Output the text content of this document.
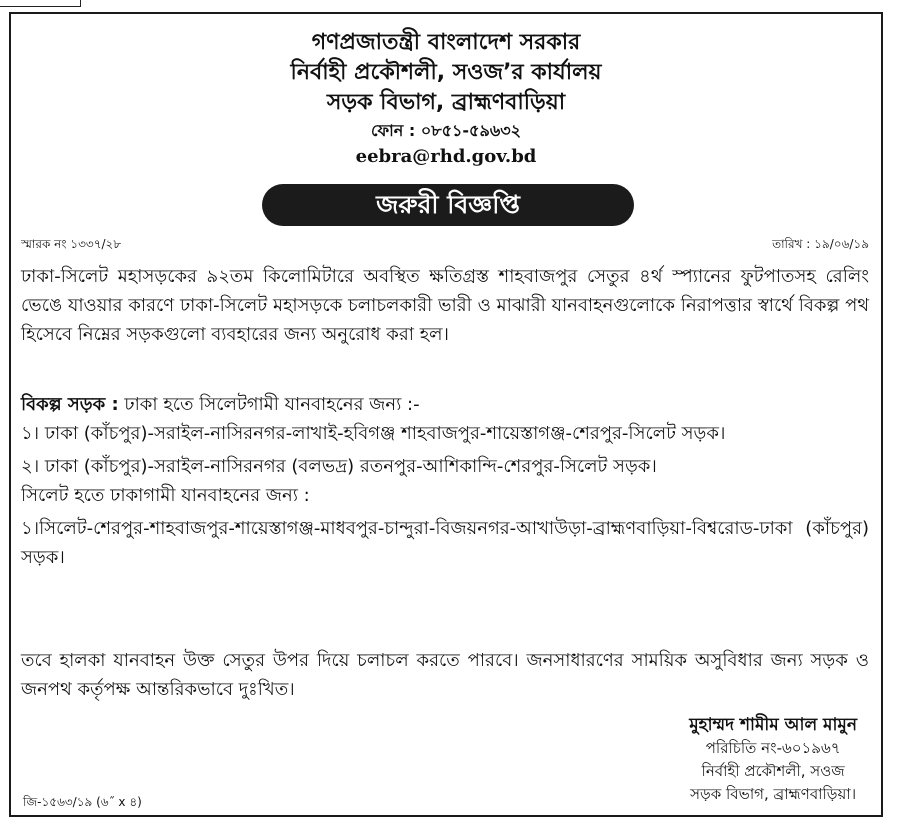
গণপ্রজাতন্ত্রী বাংলাদেশ সরকার
নির্বাহী প্রকৌশলী, সওজ’র কার্যালয়
সড়ক বিভাগ, ব্রাহ্মণবাড়িয়া
ফোন : ০৮৫১-৫৯৬৩২
eebra@rhd.gov.bd
জরুরী বিজ্ঞপ্তি
স্মারক নং ১৩৩৭/২৮	তারিখ : ১৯/০৬/১৯
ঢাকা-সিলেট মহাসড়কের ৯২তম কিলোমিটারে অবস্থিত ক্ষতিগ্রস্ত শাহবাজপুর সেতুর ৪র্থ স্প্যানের ফুটপাতসহ রেলিং ভেঙে যাওয়ার কারণে ঢাকা-সিলেট মহাসড়কে চলাচলকারী ভারী ও মাঝারী যানবাহনগুলোকে নিরাপত্তার স্বার্থে বিকল্প পথ হিসেবে নিম্নের সড়কগুলো ব্যবহারের জন্য অনুরোধ করা হল।
বিকল্প সড়ক : ঢাকা হতে সিলেটগামী যানবাহনের জন্য :-
১। ঢাকা (কাঁচপুর)-সরাইল-নাসিরনগর-লাখাই-হবিগঞ্জ শাহবাজপুর-শায়েস্তাগঞ্জ-শেরপুর-সিলেট সড়ক।
২। ঢাকা (কাঁচপুর)-সরাইল-নাসিরনগর (বলভদ্র) রতনপুর-আশিকান্দি-শেরপুর-সিলেট সড়ক।
সিলেট হতে ঢাকাগামী যানবাহনের জন্য :
১।সিলেট-শেরপুর-শাহবাজপুর-শায়েস্তাগঞ্জ-মাধবপুর-চান্দুরা-বিজয়নগর-আখাউড়া-ব্রাহ্মণবাড়িয়া-বিশ্বরোড-ঢাকা (কাঁচপুর) সড়ক।
তবে হালকা যানবাহন উক্ত সেতুর উপর দিয়ে চলাচল করতে পারবে। জনসাধারণের সাময়িক অসুবিধার জন্য সড়ক ও জনপথ কর্তৃপক্ষ আন্তরিকভাবে দুঃখিত।
মুহাম্মদ শামীম আল মামুন
পরিচিতি নং-৬০১৯৬৭
নির্বাহী প্রকৌশলী, সওজ
সড়ক বিভাগ, ব্রাহ্মণবাড়িয়া।
জি-১৫৬৩/১৯ (৬˝ x ৪)
